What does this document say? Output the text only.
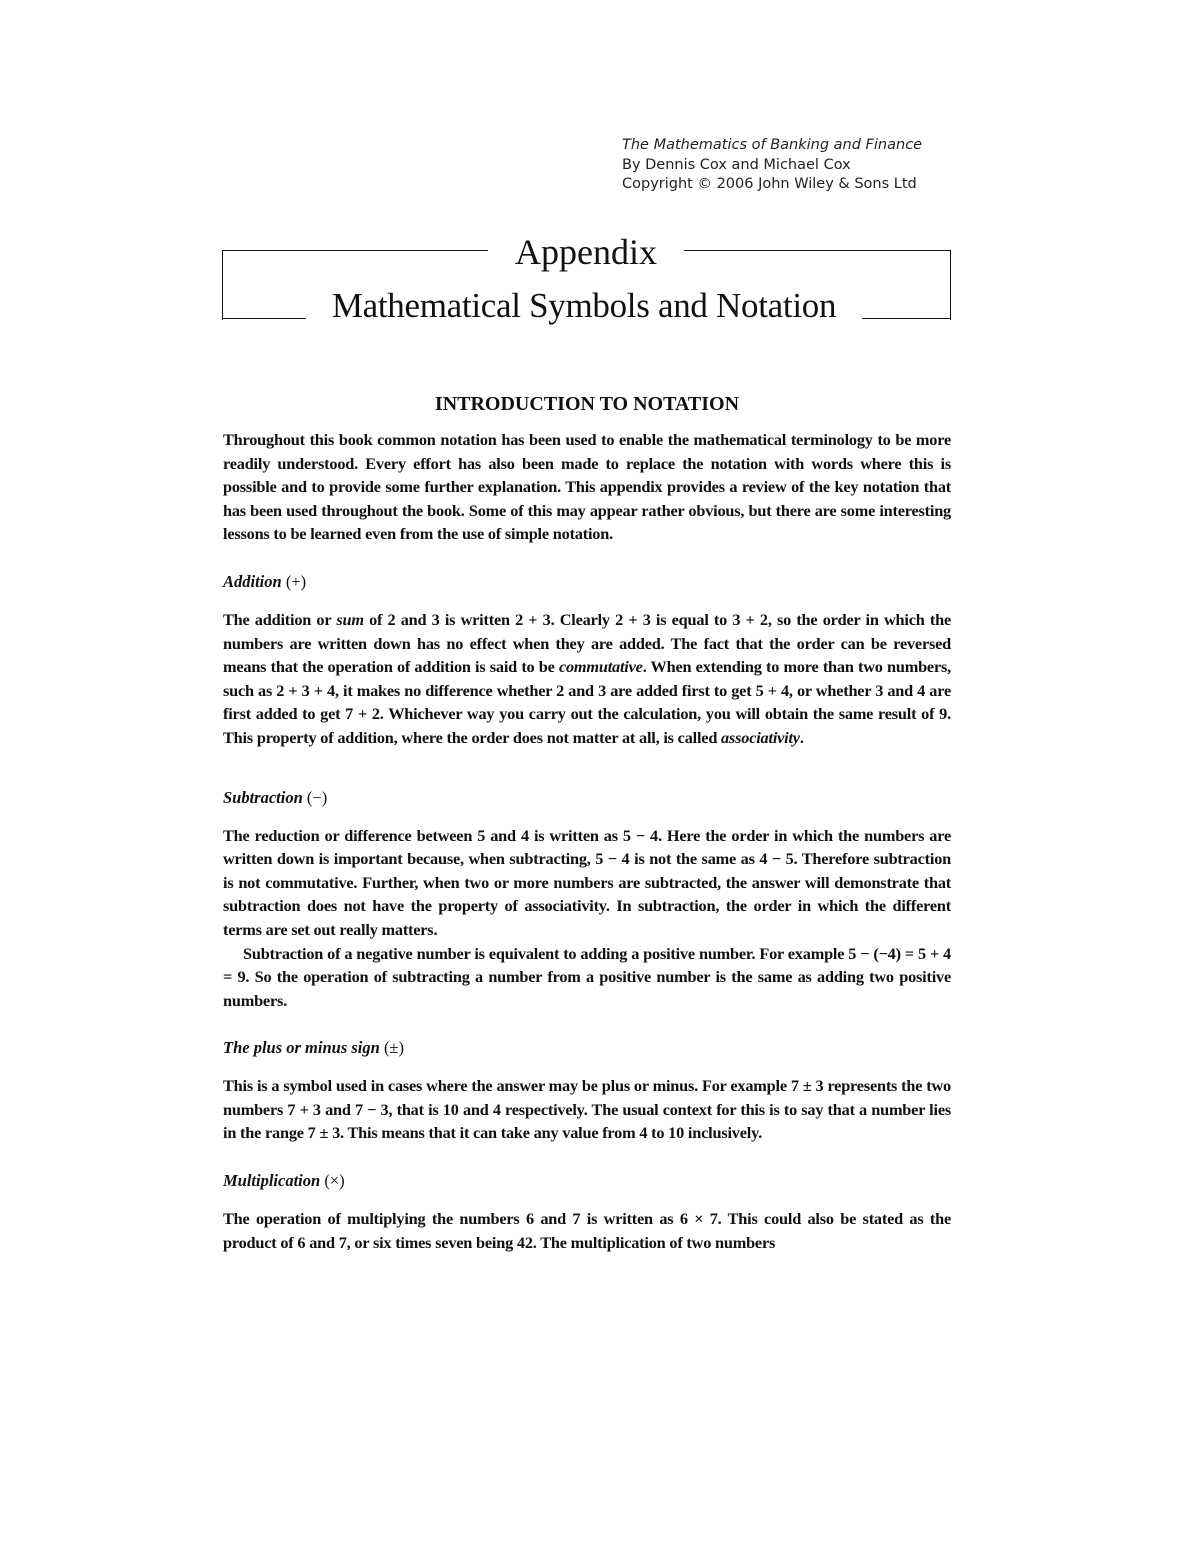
The Mathematics of Banking and Finance
By Dennis Cox and Michael Cox
Copyright © 2006 John Wiley & Sons Ltd
Appendix
Mathematical Symbols and Notation
INTRODUCTION TO NOTATION

Throughout this book common notation has been used to enable the mathematical terminology to be more readily understood. Every effort has also been made to replace the notation with words where this is possible and to provide some further explanation. This appendix provides a review of the key notation that has been used throughout the book. Some of this may appear rather obvious, but there are some interesting lessons to be learned even from the use of simple notation.

Addition (+)

The addition or sum of 2 and 3 is written 2 + 3. Clearly 2 + 3 is equal to 3 + 2, so the order in which the numbers are written down has no effect when they are added. The fact that the order can be reversed means that the operation of addition is said to be commutative. When extending to more than two numbers, such as 2 + 3 + 4, it makes no difference whether 2 and 3 are added first to get 5 + 4, or whether 3 and 4 are first added to get 7 + 2. Whichever way you carry out the calculation, you will obtain the same result of 9. This property of addition, where the order does not matter at all, is called associativity.

Subtraction (−)

The reduction or difference between 5 and 4 is written as 5 − 4. Here the order in which the numbers are written down is important because, when subtracting, 5 − 4 is not the same as 4 − 5. Therefore subtraction is not commutative. Further, when two or more numbers are subtracted, the answer will demonstrate that subtraction does not have the property of associativity. In subtraction, the order in which the different terms are set out really matters.

Subtraction of a negative number is equivalent to adding a positive number. For example 5 − (−4) = 5 + 4 = 9. So the operation of subtracting a number from a positive number is the same as adding two positive numbers.

The plus or minus sign (±)

This is a symbol used in cases where the answer may be plus or minus. For example 7 ± 3 represents the two numbers 7 + 3 and 7 − 3, that is 10 and 4 respectively. The usual context for this is to say that a number lies in the range 7 ± 3. This means that it can take any value from 4 to 10 inclusively.

Multiplication (×)

The operation of multiplying the numbers 6 and 7 is written as 6 × 7. This could also be stated as the product of 6 and 7, or six times seven being 42. The multiplication of two numbers
